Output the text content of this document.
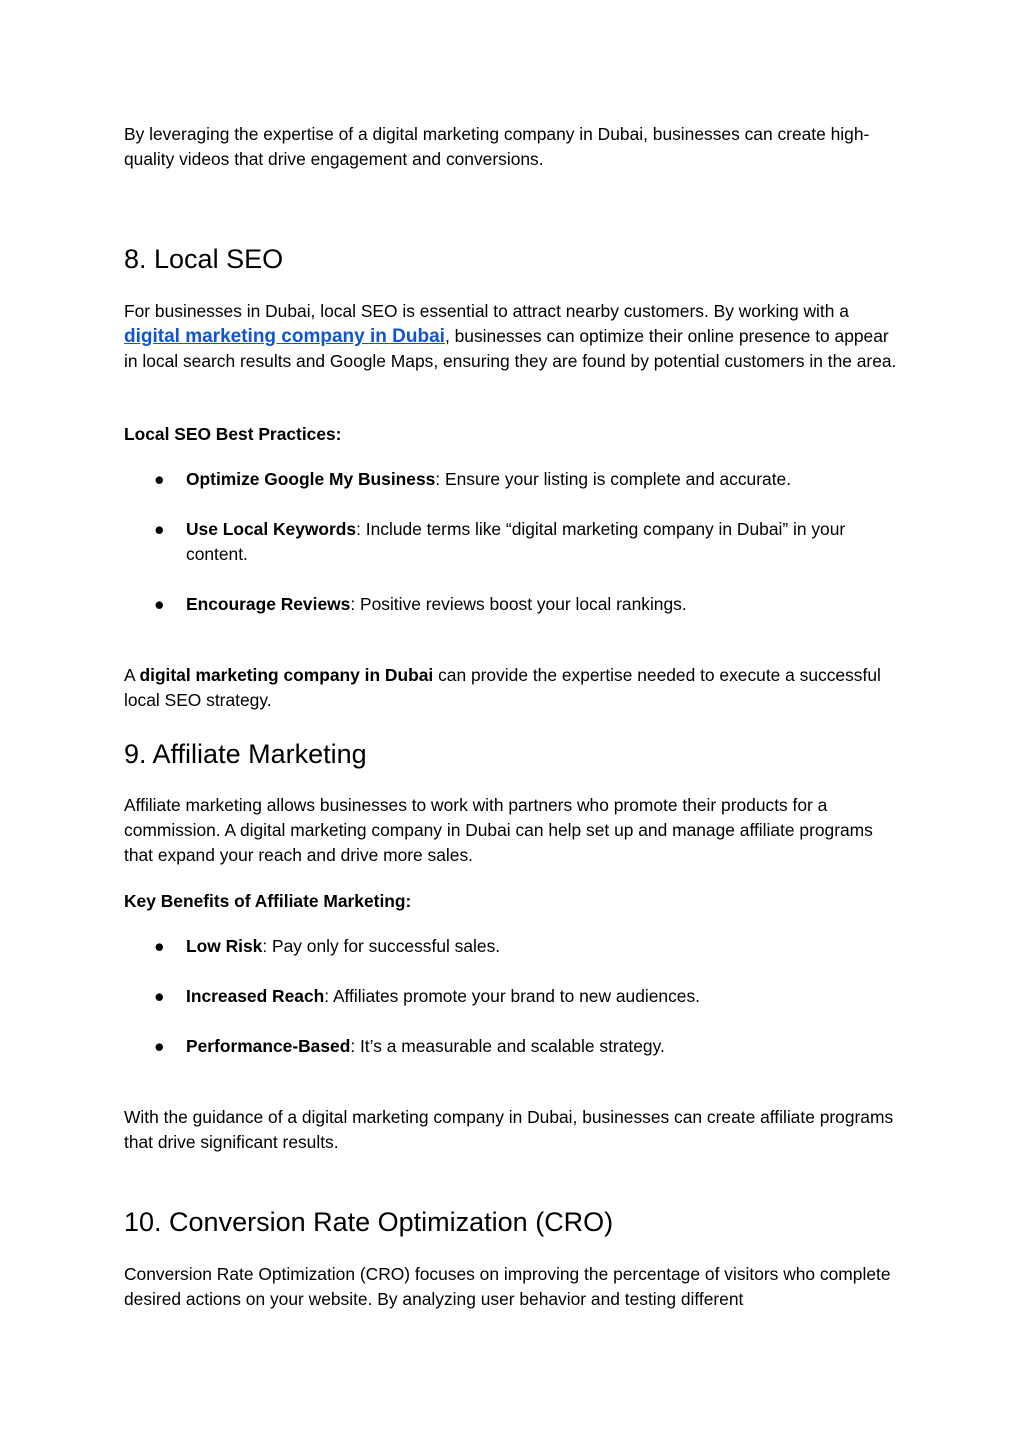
By leveraging the expertise of a digital marketing company in Dubai, businesses can create high-quality videos that drive engagement and conversions.

8. Local SEO

For businesses in Dubai, local SEO is essential to attract nearby customers. By working with a digital marketing company in Dubai, businesses can optimize their online presence to appear in local search results and Google Maps, ensuring they are found by potential customers in the area.

Local SEO Best Practices:

●	Optimize Google My Business: Ensure your listing is complete and accurate.
●	Use Local Keywords: Include terms like “digital marketing company in Dubai” in your content.
●	Encourage Reviews: Positive reviews boost your local rankings.

A digital marketing company in Dubai can provide the expertise needed to execute a successful local SEO strategy.

9. Affiliate Marketing

Affiliate marketing allows businesses to work with partners who promote their products for a commission. A digital marketing company in Dubai can help set up and manage affiliate programs that expand your reach and drive more sales.

Key Benefits of Affiliate Marketing:

●	Low Risk: Pay only for successful sales.
●	Increased Reach: Affiliates promote your brand to new audiences.
●	Performance-Based: It’s a measurable and scalable strategy.

With the guidance of a digital marketing company in Dubai, businesses can create affiliate programs that drive significant results.

10. Conversion Rate Optimization (CRO)

Conversion Rate Optimization (CRO) focuses on improving the percentage of visitors who complete desired actions on your website. By analyzing user behavior and testing different
